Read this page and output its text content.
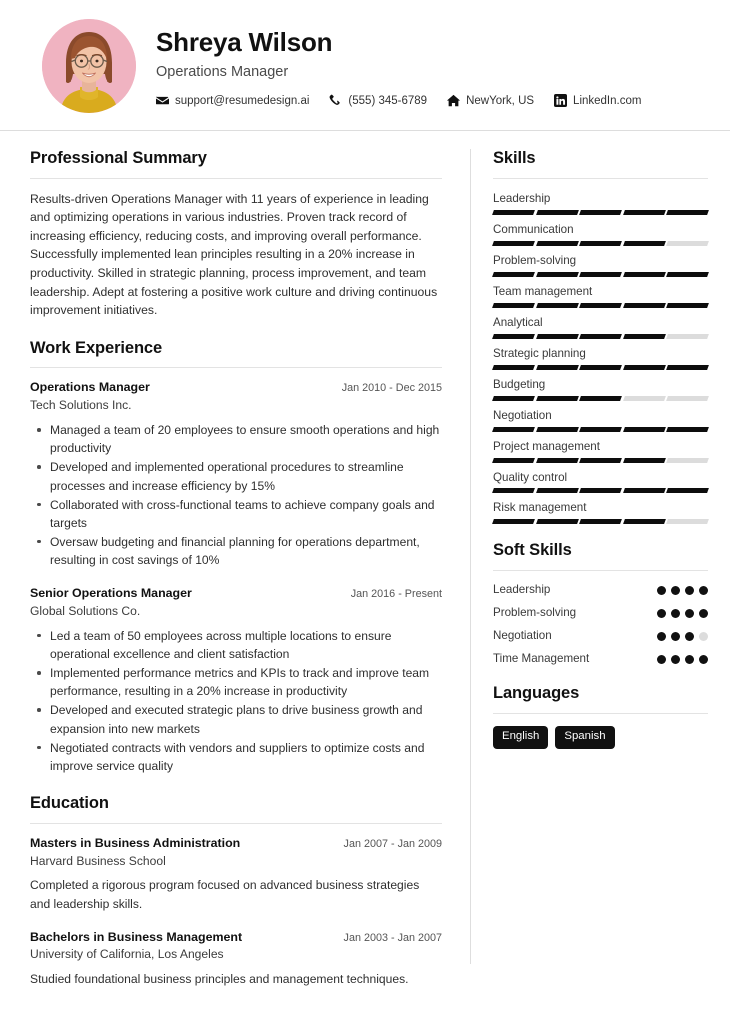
Shreya Wilson
Operations Manager
support@resumedesign.ai	(555) 345-6789	NewYork, US	LinkedIn.com
Professional Summary
Results-driven Operations Manager with 11 years of experience in leading and optimizing operations in various industries. Proven track record of increasing efficiency, reducing costs, and improving overall performance. Successfully implemented lean principles resulting in a 20% increase in productivity. Skilled in strategic planning, process improvement, and team leadership. Adept at fostering a positive work culture and driving continuous improvement initiatives.
Work Experience
Operations Manager	Jan 2010 - Dec 2015
Tech Solutions Inc.
Managed a team of 20 employees to ensure smooth operations and high productivity
Developed and implemented operational procedures to streamline processes and increase efficiency by 15%
Collaborated with cross-functional teams to achieve company goals and targets
Oversaw budgeting and financial planning for operations department, resulting in cost savings of 10%
Senior Operations Manager	Jan 2016 - Present
Global Solutions Co.
Led a team of 50 employees across multiple locations to ensure operational excellence and client satisfaction
Implemented performance metrics and KPIs to track and improve team performance, resulting in a 20% increase in productivity
Developed and executed strategic plans to drive business growth and expansion into new markets
Negotiated contracts with vendors and suppliers to optimize costs and improve service quality
Education
Masters in Business Administration	Jan 2007 - Jan 2009
Harvard Business School
Completed a rigorous program focused on advanced business strategies and leadership skills.
Bachelors in Business Management	Jan 2003 - Jan 2007
University of California, Los Angeles
Studied foundational business principles and management techniques.
Skills
Leadership
Communication
Problem-solving
Team management
Analytical
Strategic planning
Budgeting
Negotiation
Project management
Quality control
Risk management
Soft Skills
Leadership
Problem-solving
Negotiation
Time Management
Languages
English	Spanish
